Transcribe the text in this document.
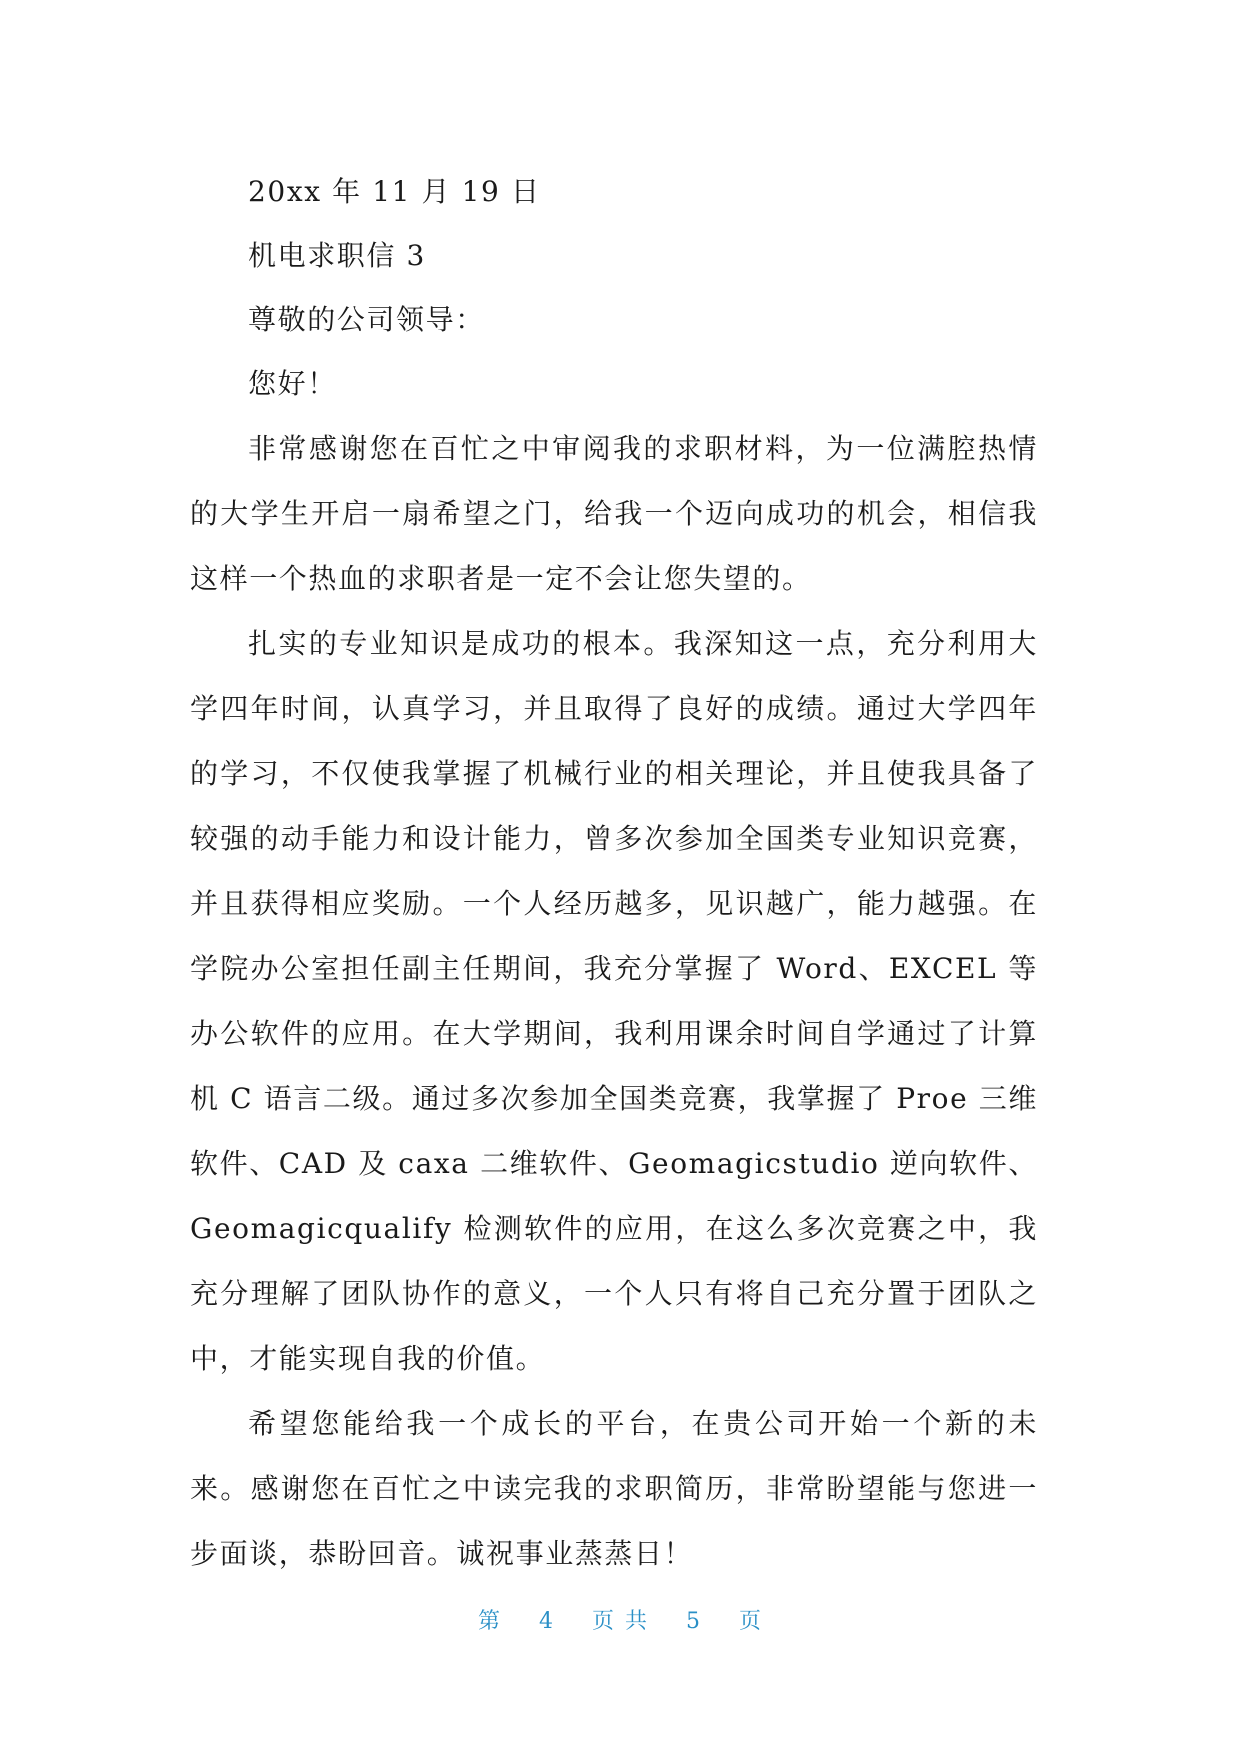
20xx 年 11 月 19 日

机电求职信 3

尊敬的公司领导：

您好！

非常感谢您在百忙之中审阅我的求职材料，为一位满腔热情的大学生开启一扇希望之门，给我一个迈向成功的机会，相信我这样一个热血的求职者是一定不会让您失望的。

扎实的专业知识是成功的根本。我深知这一点，充分利用大学四年时间，认真学习，并且取得了良好的成绩。通过大学四年的学习，不仅使我掌握了机械行业的相关理论，并且使我具备了较强的动手能力和设计能力，曾多次参加全国类专业知识竞赛，并且获得相应奖励。一个人经历越多，见识越广，能力越强。在学院办公室担任副主任期间，我充分掌握了 Word、EXCEL 等办公软件的应用。在大学期间，我利用课余时间自学通过了计算机 C 语言二级。通过多次参加全国类竞赛，我掌握了 Proe 三维软件、CAD 及 caxa 二维软件、Geomagicstudio 逆向软件、Geomagicqualify 检测软件的应用，在这么多次竞赛之中，我充分理解了团队协作的意义，一个人只有将自己充分置于团队之中，才能实现自我的价值。

希望您能给我一个成长的平台，在贵公司开始一个新的未来。感谢您在百忙之中读完我的求职简历，非常盼望能与您进一步面谈，恭盼回音。诚祝事业蒸蒸日！

第 4 页 共 5 页
